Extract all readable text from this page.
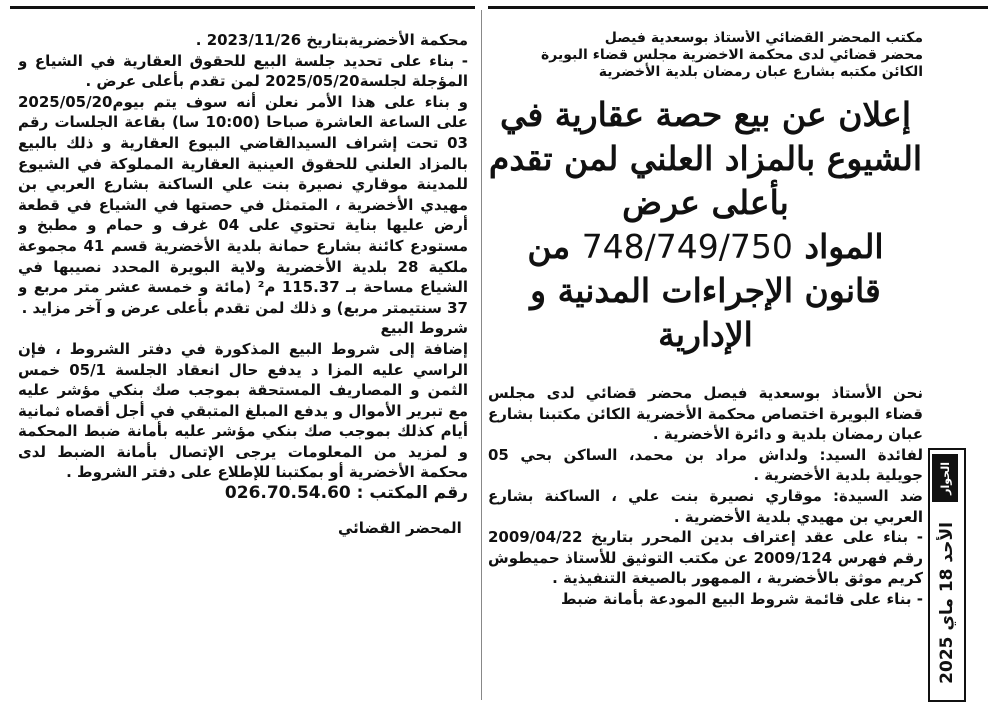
مكتب المحضر القضائي الأستاذ بوسعدية فيصل
محضر قضائي لدى محكمة الاخضرية مجلس قضاء البويرة
الكائن مكتبه بشارع عبان رمضان بلدية الأخضرية
إعلان عن بيع حصة عقارية في الشيوع بالمزاد العلني لمن تقدم بأعلى عرض
المواد 748/749/750 من قانون الإجراءات المدنية و الإدارية

نحن الأستاذ بوسعدية فيصل محضر قضائي لدى مجلس قضاء البويرة اختصاص محكمة الأخضرية الكائن مكتبنا بشارع عبان رمضان بلدية و دائرة الأخضرية .

لفائدة السيد: ولداش مراد بن محمد، الساكن بحي 05 جويلية بلدية الأخضرية .

ضد السيدة: موقاري نصيرة بنت علي ، الساكنة بشارع العربي بن مهيدي بلدية الأخضرية .

- بناء على عقد إعتراف بدين المحرر بتاريخ 2009/04/22 رقم فهرس 2009/124 عن مكتب التوثيق للأستاذ حميطوش كريم موثق بالأخضرية ، الممهور بالصيغة التنفيذية .

- بناء على قائمة شروط البيع المودعة بأمانة ضبط

محكمة الأخضريةبتاريخ 2023/11/26 .

- بناء على تحديد جلسة البيع للحقوق العقارية في الشياع و المؤجلة لجلسة2025/05/20 لمن تقدم بأعلى عرض .

و بناء على هذا الأمر نعلن أنه سوف يتم بيوم2025/05/20 على الساعة العاشرة صباحا (10:00 سا) بقاعة الجلسات رقم 03 تحت إشراف السيدالقاضي البيوع العقارية و ذلك بالبيع بالمزاد العلني للحقوق العينية العقارية المملوكة في الشيوع للمدينة موقاري نصيرة بنت علي الساكنة بشارع العربي بن مهيدي الأخضرية ، المتمثل في حصتها في الشياع في قطعة أرض عليها بناية تحتوي على 04 غرف و حمام و مطبخ و مستودع كائنة بشارع حمانة بلدية الأخضرية قسم 41 مجموعة ملكية 28 بلدية الأخضرية ولاية البويرة المحدد نصيبها في الشياع مساحة بـ 115.37 م² (مائة و خمسة عشر متر مربع و 37 سنتيمتر مربع) و ذلك لمن تقدم بأعلى عرض و آخر مزايد .

شروط البيع

إضافة إلى شروط البيع المذكورة في دفتر الشروط ، فإن الراسي عليه المزا د يدفع حال انعقاد الجلسة 05/1 خمس الثمن و المصاريف المستحقة بموجب صك بنكي مؤشر عليه مع تبرير الأموال و يدفع المبلغ المتبقي في أجل أقصاه ثمانية أيام كذلك بموجب صك بنكي مؤشر عليه بأمانة ضبط المحكمة و لمزيد من المعلومات يرجى الإتصال بأمانة الضبط لدى محكمة الأخضرية أو بمكتبنا للإطلاع على دفتر الشروط .

رقم المكتب : 026.70.54.60

المحضر القضائي
الحوار
الأحد 18 ماي 2025
